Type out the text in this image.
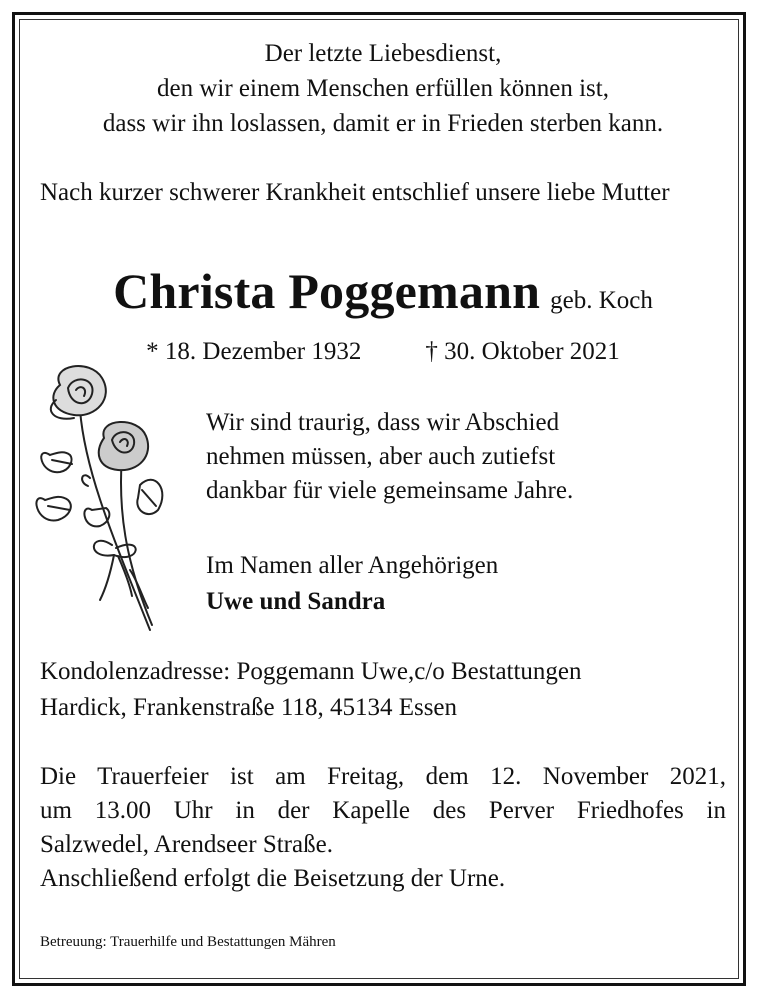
Der letzte Liebesdienst,
den wir einem Menschen erfüllen können ist,
dass wir ihn loslassen, damit er in Frieden sterben kann.
Nach kurzer schwerer Krankheit entschlief unsere liebe Mutter
Christa Poggemann geb. Koch
* 18. Dezember 1932	† 30. Oktober 2021
Wir sind traurig, dass wir Abschied
nehmen müssen, aber auch zutiefst
dankbar für viele gemeinsame Jahre.
Im Namen aller Angehörigen
Uwe und Sandra
Kondolenzadresse: Poggemann Uwe,c/o Bestattungen
Hardick, Frankenstraße 118, 45134 Essen
Die Trauerfeier ist am Freitag, dem 12. November 2021,
um 13.00 Uhr in der Kapelle des Perver Friedhofes in
Salzwedel, Arendseer Straße.
Anschließend erfolgt die Beisetzung der Urne.
Betreuung: Trauerhilfe und Bestattungen Mähren
